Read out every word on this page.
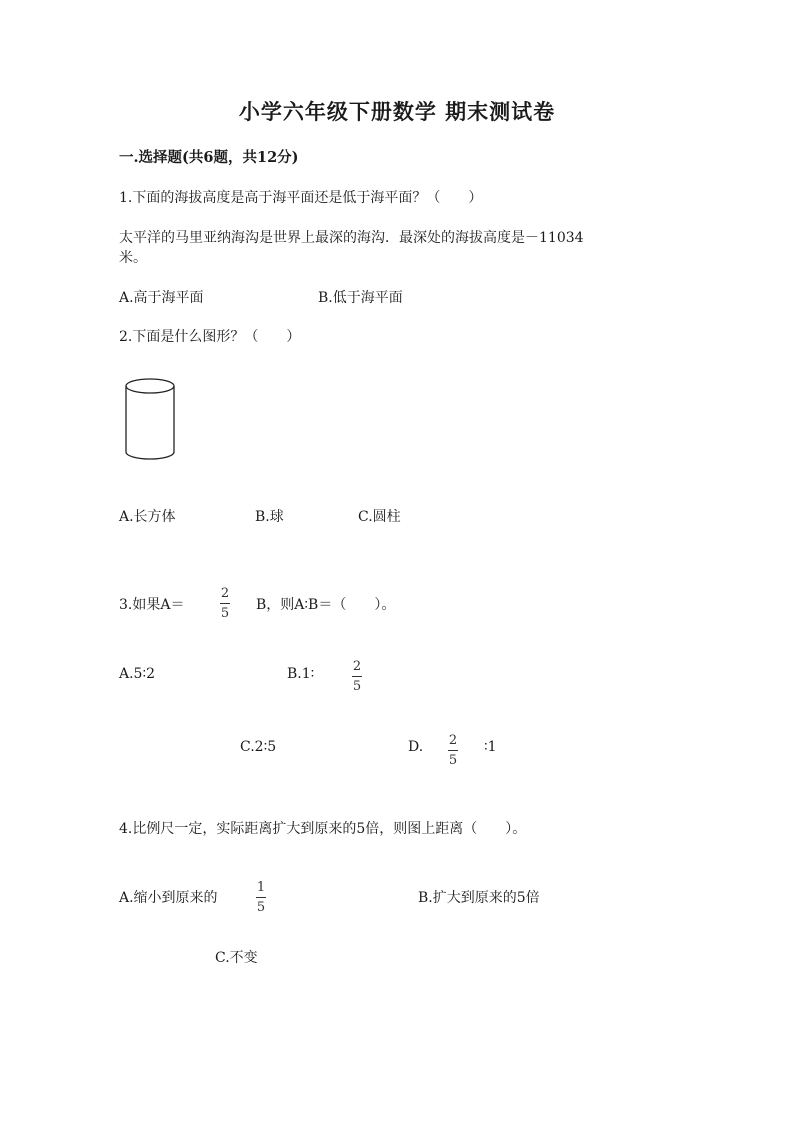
小学六年级下册数学 期末测试卷
一.选择题(共6题，共12分)
1.下面的海拔高度是高于海平面还是低于海平面？（　　）
太平洋的马里亚纳海沟是世界上最深的海沟．最深处的海拔高度是－11034
米。
A.高于海平面	B.低于海平面
2.下面是什么图形？（　　）
A.长方体	B.球	C.圆柱
3.如果A＝
2
5
B，则A∶B＝（　　）。
A.5∶2	B.1∶	2
5
C.2∶5	D. 2
5
∶1
4.比例尺一定，实际距离扩大到原来的5倍，则图上距离（　　）。
A.缩小到原来的
1
5
B.扩大到原来的5倍
C.不变
